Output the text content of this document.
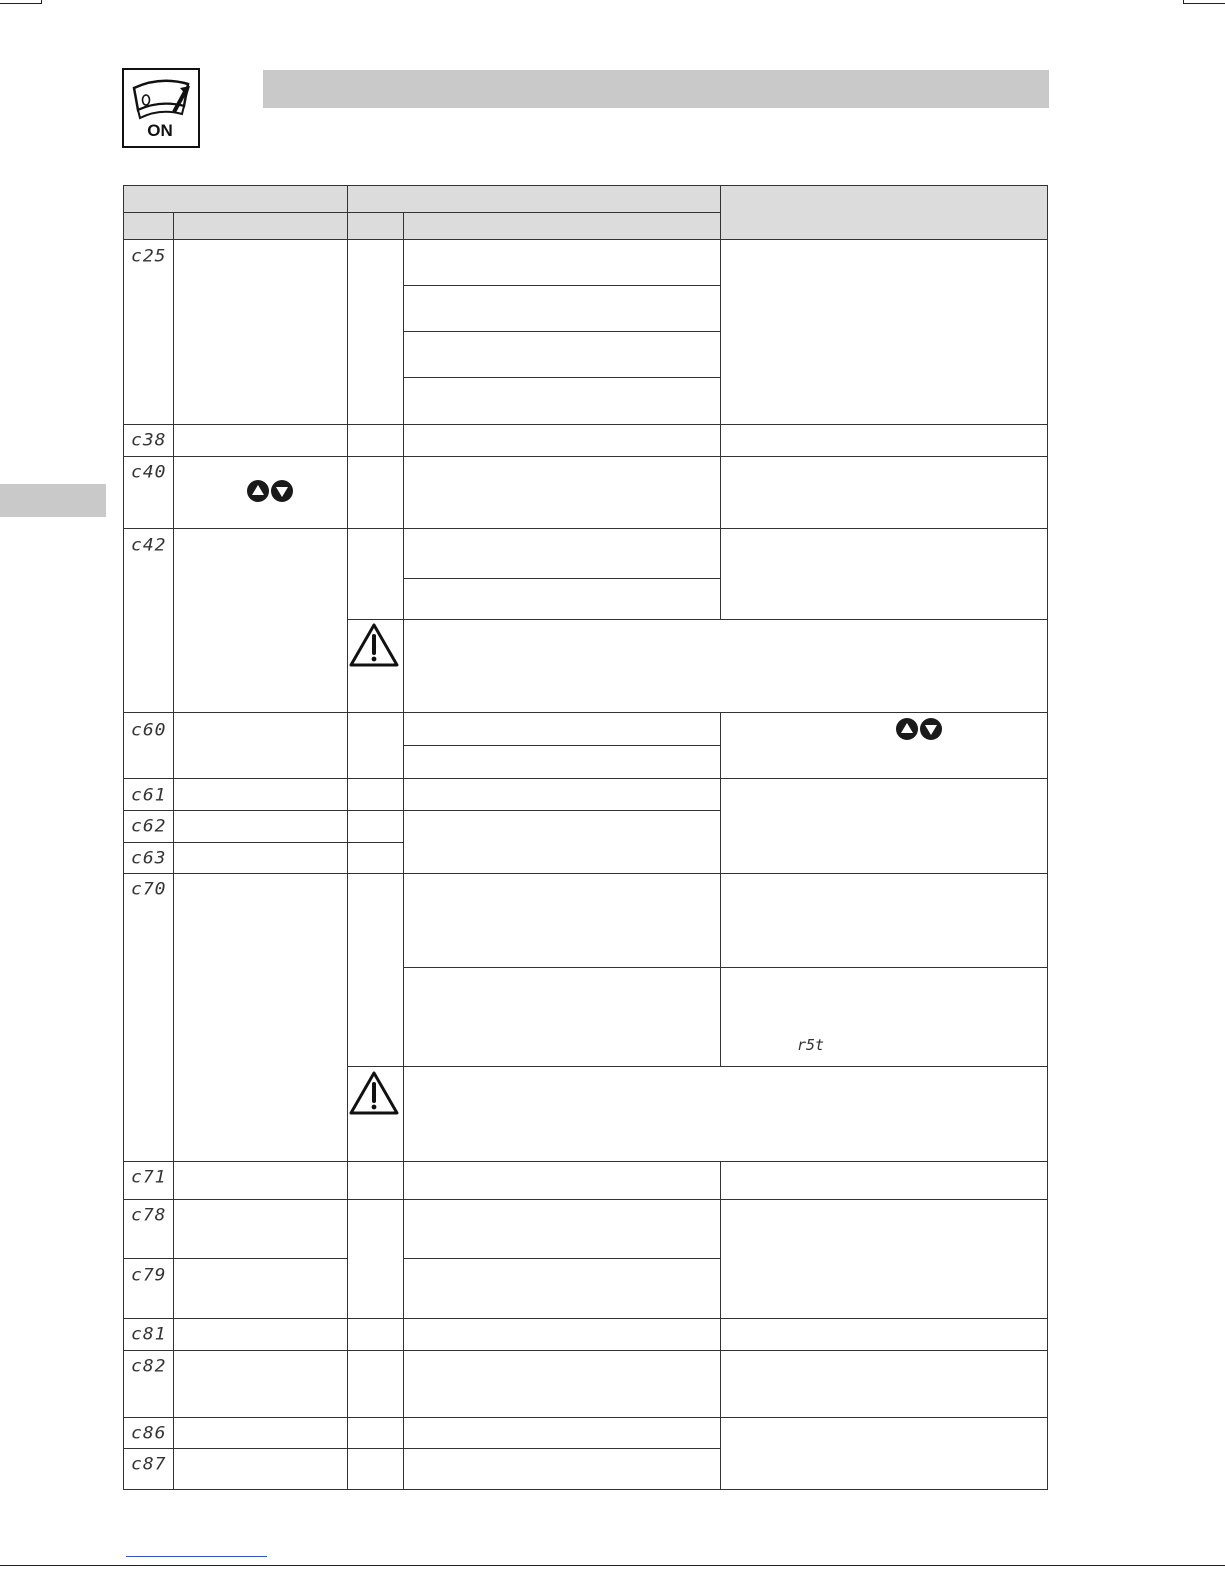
ON
c25
c38
c40
c42
c60
c61
c62
c63
c70
c71
c78
c79
c81
c82
c86
c87
r5t
